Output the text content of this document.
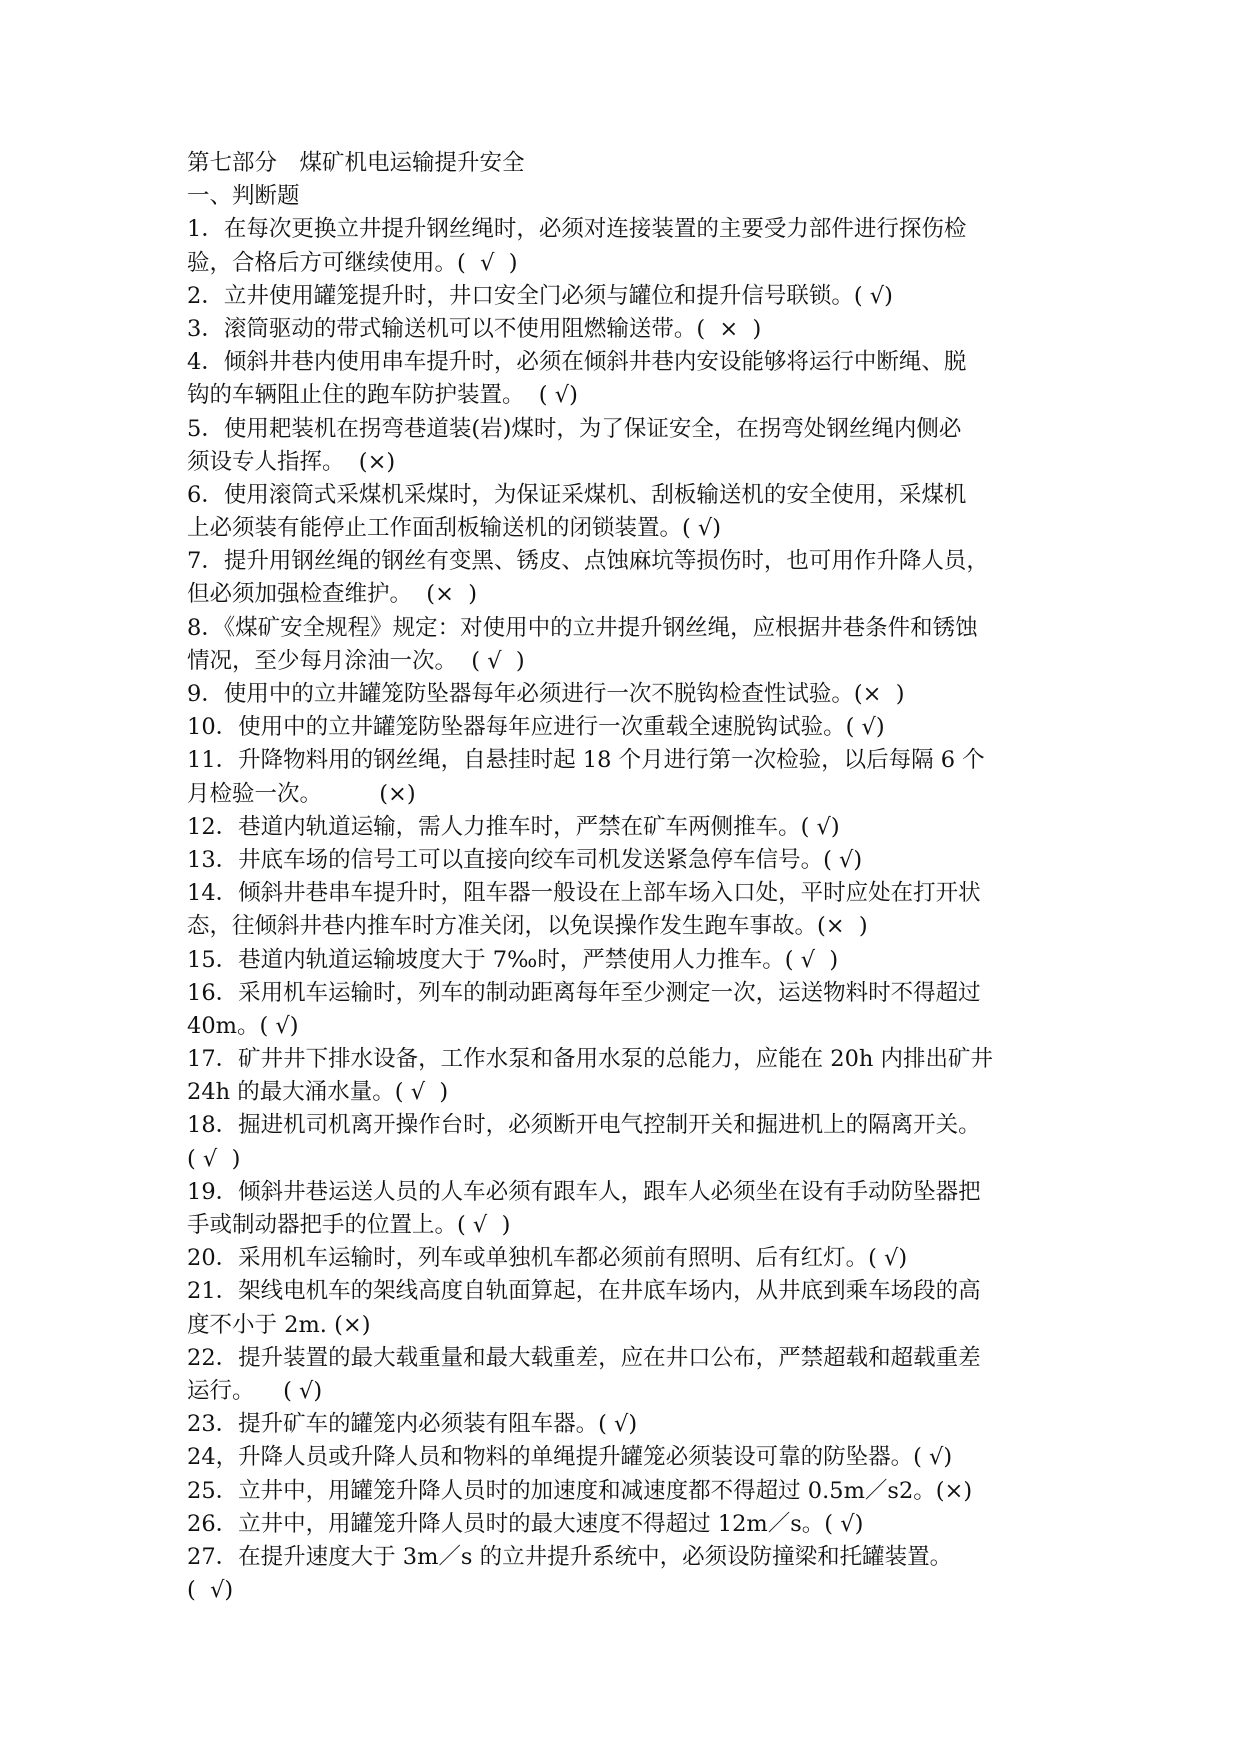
第七部分　煤矿机电运输提升安全
一、判断题
1．在每次更换立井提升钢丝绳时，必须对连接装置的主要受力部件进行探伤检
验，合格后方可继续使用。(  √  )
2．立井使用罐笼提升时，井口安全门必须与罐位和提升信号联锁。( √)
3．滚筒驱动的带式输送机可以不使用阻燃输送带。(  ×  )
4．倾斜井巷内使用串车提升时，必须在倾斜井巷内安设能够将运行中断绳、脱
钩的车辆阻止住的跑车防护装置。  ( √)
5．使用耙装机在拐弯巷道装(岩)煤时，为了保证安全，在拐弯处钢丝绳内侧必
须设专人指挥。  (×)
6．使用滚筒式采煤机采煤时，为保证采煤机、刮板输送机的安全使用，采煤机
上必须装有能停止工作面刮板输送机的闭锁装置。( √)
7．提升用钢丝绳的钢丝有变黑、锈皮、点蚀麻坑等损伤时，也可用作升降人员，
但必须加强检查维护。  (×  )
8．《煤矿安全规程》规定：对使用中的立井提升钢丝绳，应根据井巷条件和锈蚀
情况，至少每月涂油一次。  ( √  )
9．使用中的立井罐笼防坠器每年必须进行一次不脱钩检查性试验。(×  )
10．使用中的立井罐笼防坠器每年应进行一次重载全速脱钩试验。( √)
11．升降物料用的钢丝绳，自悬挂时起 18 个月进行第一次检验，以后每隔 6 个
月检验一次。        (×)
12．巷道内轨道运输，需人力推车时，严禁在矿车两侧推车。( √)
13．井底车场的信号工可以直接向绞车司机发送紧急停车信号。( √)
14．倾斜井巷串车提升时，阻车器一般设在上部车场入口处，平时应处在打开状
态，往倾斜井巷内推车时方准关闭，以免误操作发生跑车事故。(×  )
15．巷道内轨道运输坡度大于 7‰时，严禁使用人力推车。( √  )
16．采用机车运输时，列车的制动距离每年至少测定一次，运送物料时不得超过
40m。( √)
17．矿井井下排水设备，工作水泵和备用水泵的总能力，应能在 20h 内排出矿井
24h 的最大涌水量。( √  )
18．掘进机司机离开操作台时，必须断开电气控制开关和掘进机上的隔离开关。
( √  )
19．倾斜井巷运送人员的人车必须有跟车人，跟车人必须坐在设有手动防坠器把
手或制动器把手的位置上。( √  )
20．采用机车运输时，列车或单独机车都必须前有照明、后有红灯。( √)
21．架线电机车的架线高度自轨面算起，在井底车场内，从井底到乘车场段的高
度不小于 2m. (×)
22．提升装置的最大载重量和最大载重差，应在井口公布，严禁超载和超载重差
运行。    ( √)
23．提升矿车的罐笼内必须装有阻车器。( √)
24，升降人员或升降人员和物料的单绳提升罐笼必须装设可靠的防坠器。( √)
25．立井中，用罐笼升降人员时的加速度和减速度都不得超过 0.5m／s2。(×)
26．立井中，用罐笼升降人员时的最大速度不得超过 12m／s。( √)
27．在提升速度大于 3m／s 的立井提升系统中，必须设防撞梁和托罐装置。
(  √)
